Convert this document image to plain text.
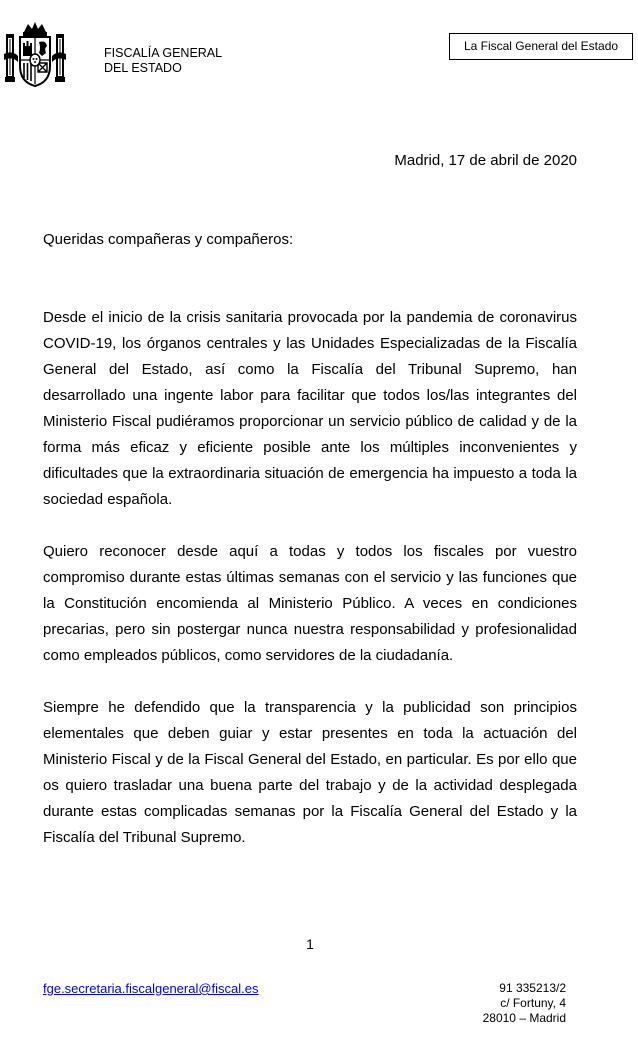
FISCALÍA GENERAL
DEL ESTADO
La Fiscal General del Estado
Madrid, 17 de abril de 2020
Queridas compañeras y compañeros:

Desde el inicio de la crisis sanitaria provocada por la pandemia de coronavirus COVID-19, los órganos centrales y las Unidades Especializadas de la Fiscalía General del Estado, así como la Fiscalía del Tribunal Supremo, han desarrollado una ingente labor para facilitar que todos los/las integrantes del Ministerio Fiscal pudiéramos proporcionar un servicio público de calidad y de la forma más eficaz y eficiente posible ante los múltiples inconvenientes y dificultades que la extraordinaria situación de emergencia ha impuesto a toda la sociedad española.

Quiero reconocer desde aquí a todas y todos los fiscales por vuestro compromiso durante estas últimas semanas con el servicio y las funciones que la Constitución encomienda al Ministerio Público. A veces en condiciones precarias, pero sin postergar nunca nuestra responsabilidad y profesionalidad como empleados públicos, como servidores de la ciudadanía.

Siempre he defendido que la transparencia y la publicidad son principios elementales que deben guiar y estar presentes en toda la actuación del Ministerio Fiscal y de la Fiscal General del Estado, en particular. Es por ello que os quiero trasladar una buena parte del trabajo y de la actividad desplegada durante estas complicadas semanas por la Fiscalía General del Estado y la Fiscalía del Tribunal Supremo.

1
fge.secretaria.fiscalgeneral@fiscal.es	91 335213/2
c/ Fortuny, 4
28010 – Madrid
